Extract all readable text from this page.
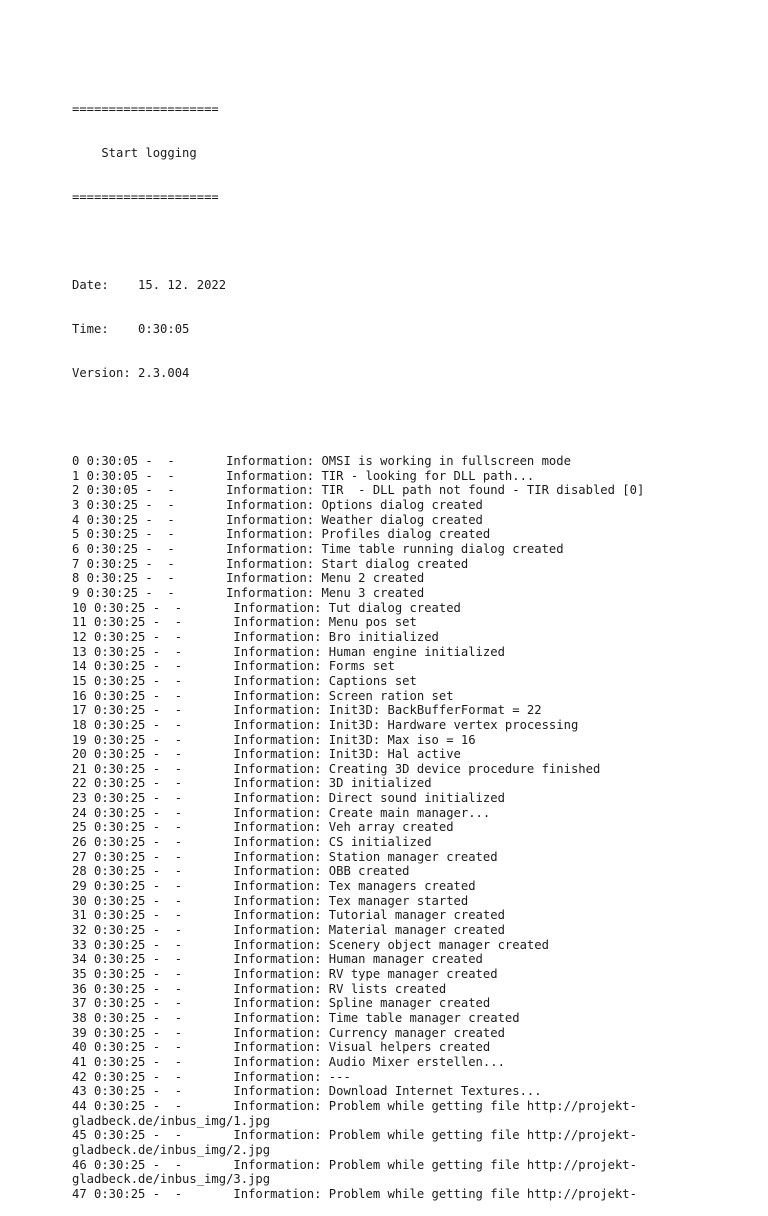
====================

Start logging

====================

Date:    15. 12. 2022

Time:    0:30:05

Version: 2.3.004

0 0:30:05 -  -       Information: OMSI is working in fullscreen mode
1 0:30:05 -  -       Information: TIR - looking for DLL path...
2 0:30:05 -  -       Information: TIR  - DLL path not found - TIR disabled [0]
3 0:30:25 -  -       Information: Options dialog created
4 0:30:25 -  -       Information: Weather dialog created
5 0:30:25 -  -       Information: Profiles dialog created
6 0:30:25 -  -       Information: Time table running dialog created
7 0:30:25 -  -       Information: Start dialog created
8 0:30:25 -  -       Information: Menu 2 created
9 0:30:25 -  -       Information: Menu 3 created
10 0:30:25 -  -       Information: Tut dialog created
11 0:30:25 -  -       Information: Menu pos set
12 0:30:25 -  -       Information: Bro initialized
13 0:30:25 -  -       Information: Human engine initialized
14 0:30:25 -  -       Information: Forms set
15 0:30:25 -  -       Information: Captions set
16 0:30:25 -  -       Information: Screen ration set
17 0:30:25 -  -       Information: Init3D: BackBufferFormat = 22
18 0:30:25 -  -       Information: Init3D: Hardware vertex processing
19 0:30:25 -  -       Information: Init3D: Max iso = 16
20 0:30:25 -  -       Information: Init3D: Hal active
21 0:30:25 -  -       Information: Creating 3D device procedure finished
22 0:30:25 -  -       Information: 3D initialized
23 0:30:25 -  -       Information: Direct sound initialized
24 0:30:25 -  -       Information: Create main manager...
25 0:30:25 -  -       Information: Veh array created
26 0:30:25 -  -       Information: CS initialized
27 0:30:25 -  -       Information: Station manager created
28 0:30:25 -  -       Information: OBB created
29 0:30:25 -  -       Information: Tex managers created
30 0:30:25 -  -       Information: Tex manager started
31 0:30:25 -  -       Information: Tutorial manager created
32 0:30:25 -  -       Information: Material manager created
33 0:30:25 -  -       Information: Scenery object manager created
34 0:30:25 -  -       Information: Human manager created
35 0:30:25 -  -       Information: RV type manager created
36 0:30:25 -  -       Information: RV lists created
37 0:30:25 -  -       Information: Spline manager created
38 0:30:25 -  -       Information: Time table manager created
39 0:30:25 -  -       Information: Currency manager created
40 0:30:25 -  -       Information: Visual helpers created
41 0:30:25 -  -       Information: Audio Mixer erstellen...
42 0:30:25 -  -       Information: ---
43 0:30:25 -  -       Information: Download Internet Textures...
44 0:30:25 -  -       Information: Problem while getting file http://projekt-
gladbeck.de/inbus_img/1.jpg
45 0:30:25 -  -       Information: Problem while getting file http://projekt-
gladbeck.de/inbus_img/2.jpg
46 0:30:25 -  -       Information: Problem while getting file http://projekt-
gladbeck.de/inbus_img/3.jpg
47 0:30:25 -  -       Information: Problem while getting file http://projekt-
